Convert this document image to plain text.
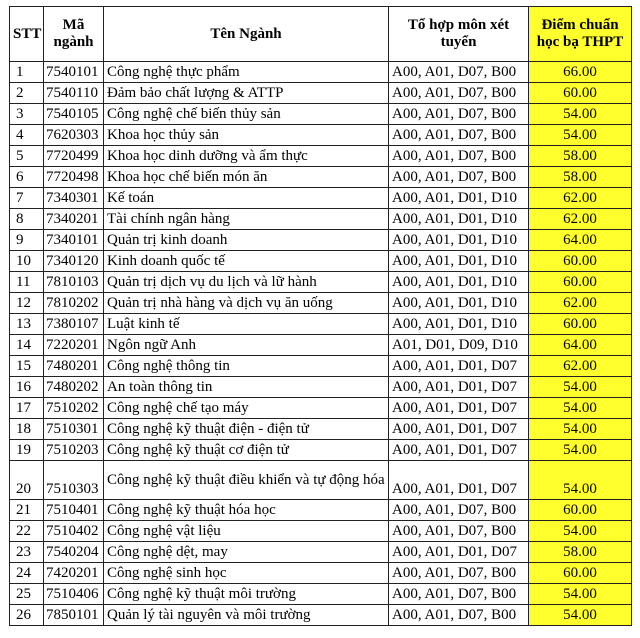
STT	Mã ngành	Tên Ngành	Tổ hợp môn xét tuyển	Điểm chuẩn học bạ THPT
1	7540101	Công nghệ thực phẩm	A00, A01, D07, B00	66.00
2	7540110	Đảm bảo chất lượng & ATTP	A00, A01, D07, B00	60.00
3	7540105	Công nghệ chế biến thủy sản	A00, A01, D07, B00	54.00
4	7620303	Khoa học thủy sản	A00, A01, D07, B00	54.00
5	7720499	Khoa học dinh dưỡng và ẩm thực	A00, A01, D07, B00	58.00
6	7720498	Khoa học chế biến món ăn	A00, A01, D07, B00	58.00
7	7340301	Kế toán	A00, A01, D01, D10	62.00
8	7340201	Tài chính ngân hàng	A00, A01, D01, D10	62.00
9	7340101	Quản trị kinh doanh	A00, A01, D01, D10	64.00
10	7340120	Kinh doanh quốc tế	A00, A01, D01, D10	60.00
11	7810103	Quản trị dịch vụ du lịch và lữ hành	A00, A01, D01, D10	60.00
12	7810202	Quản trị nhà hàng và dịch vụ ăn uống	A00, A01, D01, D10	62.00
13	7380107	Luật kinh tế	A00, A01, D01, D10	60.00
14	7220201	Ngôn ngữ Anh	A01, D01, D09, D10	64.00
15	7480201	Công nghệ thông tin	A00, A01, D01, D07	62.00
16	7480202	An toàn thông tin	A00, A01, D01, D07	54.00
17	7510202	Công nghệ chế tạo máy	A00, A01, D01, D07	54.00
18	7510301	Công nghệ kỹ thuật điện - điện tử	A00, A01, D01, D07	54.00
19	7510203	Công nghệ kỹ thuật cơ điện tử	A00, A01, D01, D07	54.00
20	7510303	Công nghệ kỹ thuật điều khiển và tự động hóa	A00, A01, D01, D07	54.00
21	7510401	Công nghệ kỹ thuật hóa học	A00, A01, D07, B00	60.00
22	7510402	Công nghệ vật liệu	A00, A01, D07, B00	54.00
23	7540204	Công nghệ dệt, may	A00, A01, D01, D07	58.00
24	7420201	Công nghệ sinh học	A00, A01, D07, B00	60.00
25	7510406	Công nghệ kỹ thuật môi trường	A00, A01, D07, B00	54.00
26	7850101	Quản lý tài nguyên và môi trường	A00, A01, D07, B00	54.00
